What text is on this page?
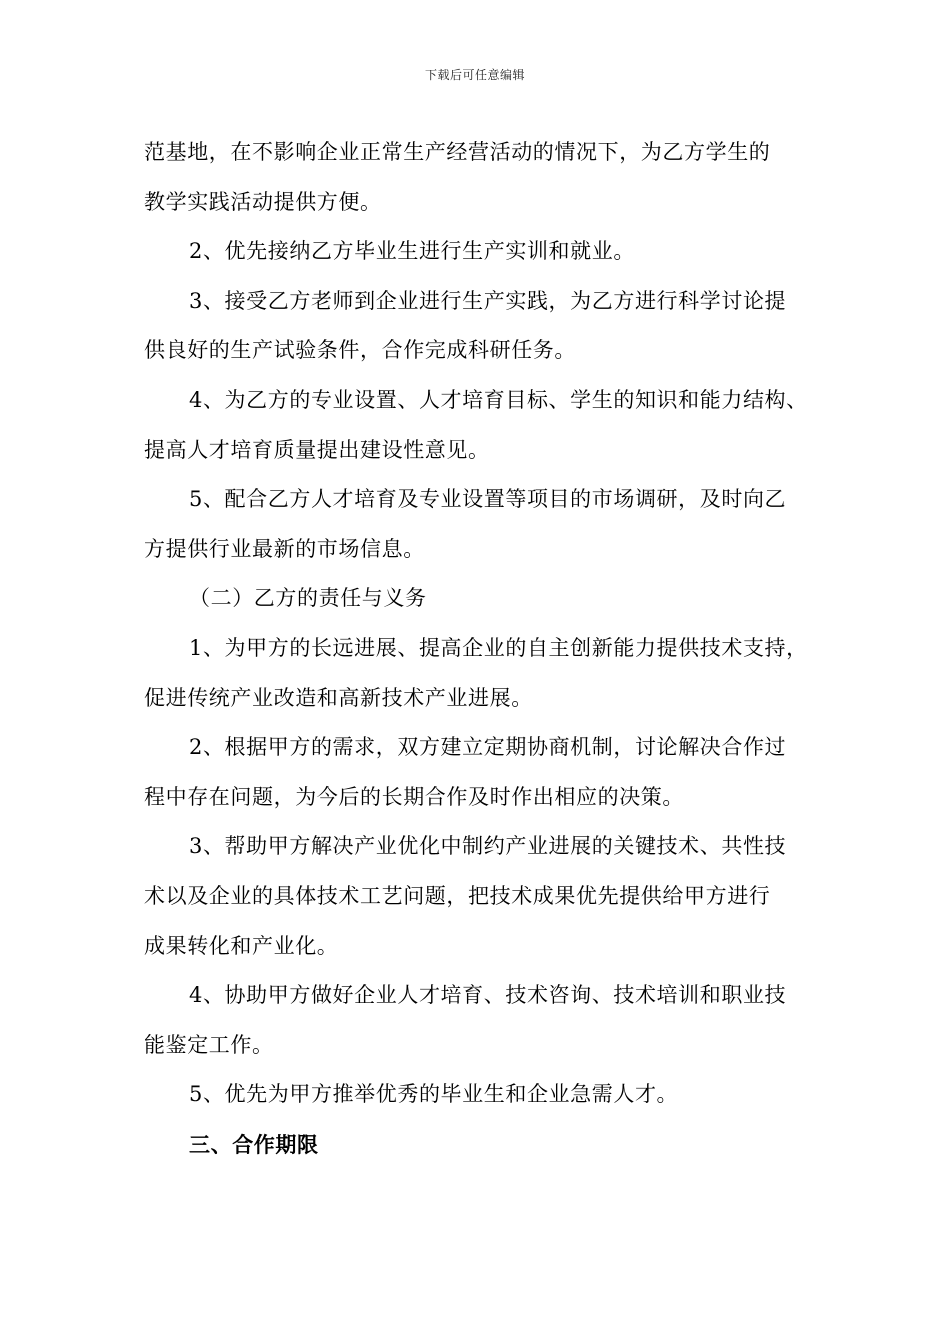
下载后可任意编辑
范基地，在不影响企业正常生产经营活动的情况下，为乙方学生的
教学实践活动提供方便。
2、优先接纳乙方毕业生进行生产实训和就业。
3、接受乙方老师到企业进行生产实践，为乙方进行科学讨论提
供良好的生产试验条件，合作完成科研任务。
4、为乙方的专业设置、人才培育目标、学生的知识和能力结构、
提高人才培育质量提出建设性意见。
5、配合乙方人才培育及专业设置等项目的市场调研，及时向乙
方提供行业最新的市场信息。
（二）乙方的责任与义务
1、为甲方的长远进展、提高企业的自主创新能力提供技术支持，
促进传统产业改造和高新技术产业进展。
2、根据甲方的需求，双方建立定期协商机制，讨论解决合作过
程中存在问题，为今后的长期合作及时作出相应的决策。
3、帮助甲方解决产业优化中制约产业进展的关键技术、共性技
术以及企业的具体技术工艺问题，把技术成果优先提供给甲方进行
成果转化和产业化。
4、协助甲方做好企业人才培育、技术咨询、技术培训和职业技
能鉴定工作。
5、优先为甲方推举优秀的毕业生和企业急需人才。
三、合作期限
